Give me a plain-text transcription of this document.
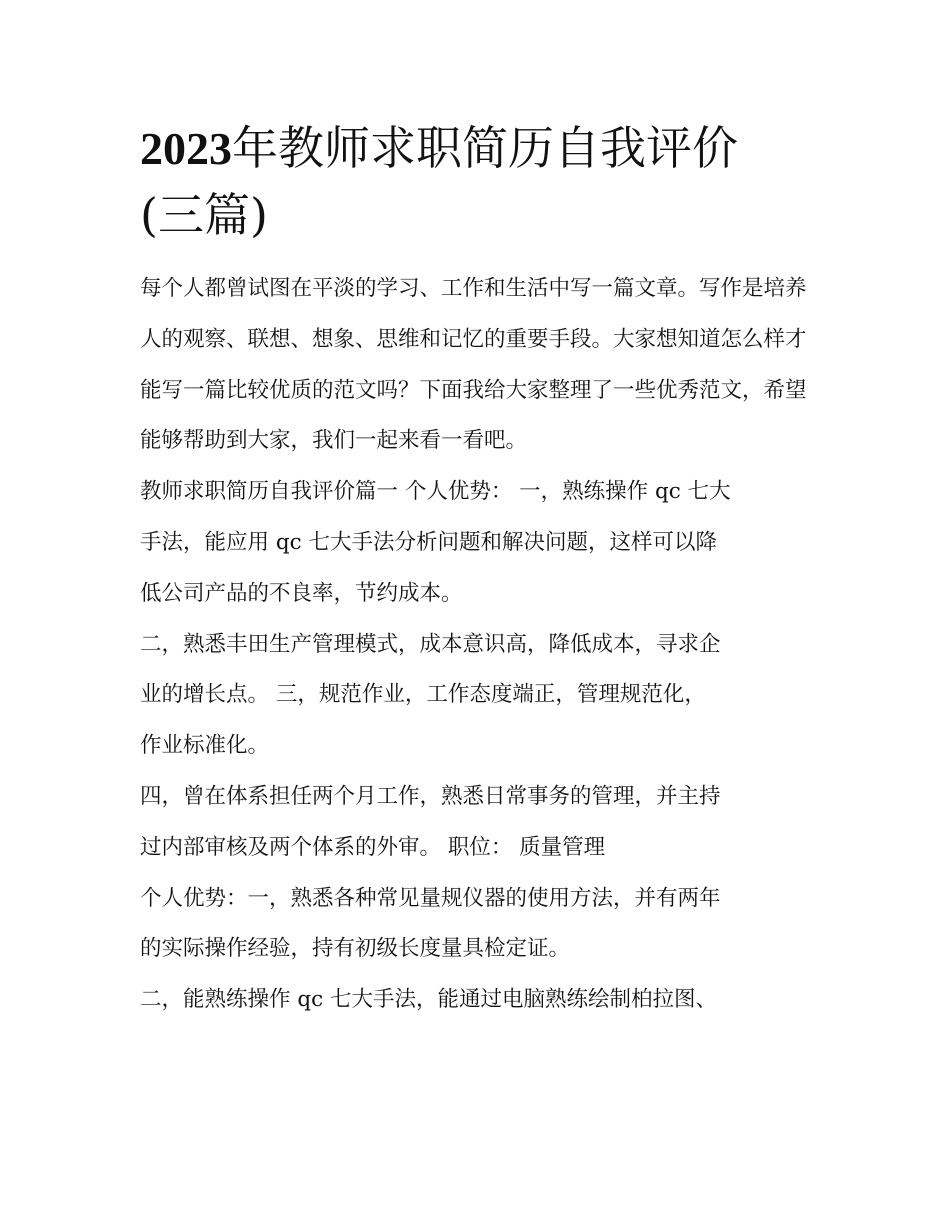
2023年教师求职简历自我评价
(三篇)

每个人都曾试图在平淡的学习、工作和生活中写一篇文章。写作是培养人的观察、联想、想象、思维和记忆的重要手段。大家想知道怎么样才能写一篇比较优质的范文吗？下面我给大家整理了一些优秀范文，希望能够帮助到大家，我们一起来看一看吧。

教师求职简历自我评价篇一 个人优势： 一，熟练操作 qc 七大
手法，能应用 qc 七大手法分析问题和解决问题，这样可以降
低公司产品的不良率，节约成本。

二，熟悉丰田生产管理模式，成本意识高，降低成本，寻求企
业的增长点。 三，规范作业，工作态度端正，管理规范化，
作业标准化。

四，曾在体系担任两个月工作，熟悉日常事务的管理，并主持
过内部审核及两个体系的外审。 职位： 质量管理

个人优势：一，熟悉各种常见量规仪器的使用方法，并有两年
的实际操作经验，持有初级长度量具检定证。

二，能熟练操作 qc 七大手法，能通过电脑熟练绘制柏拉图、
